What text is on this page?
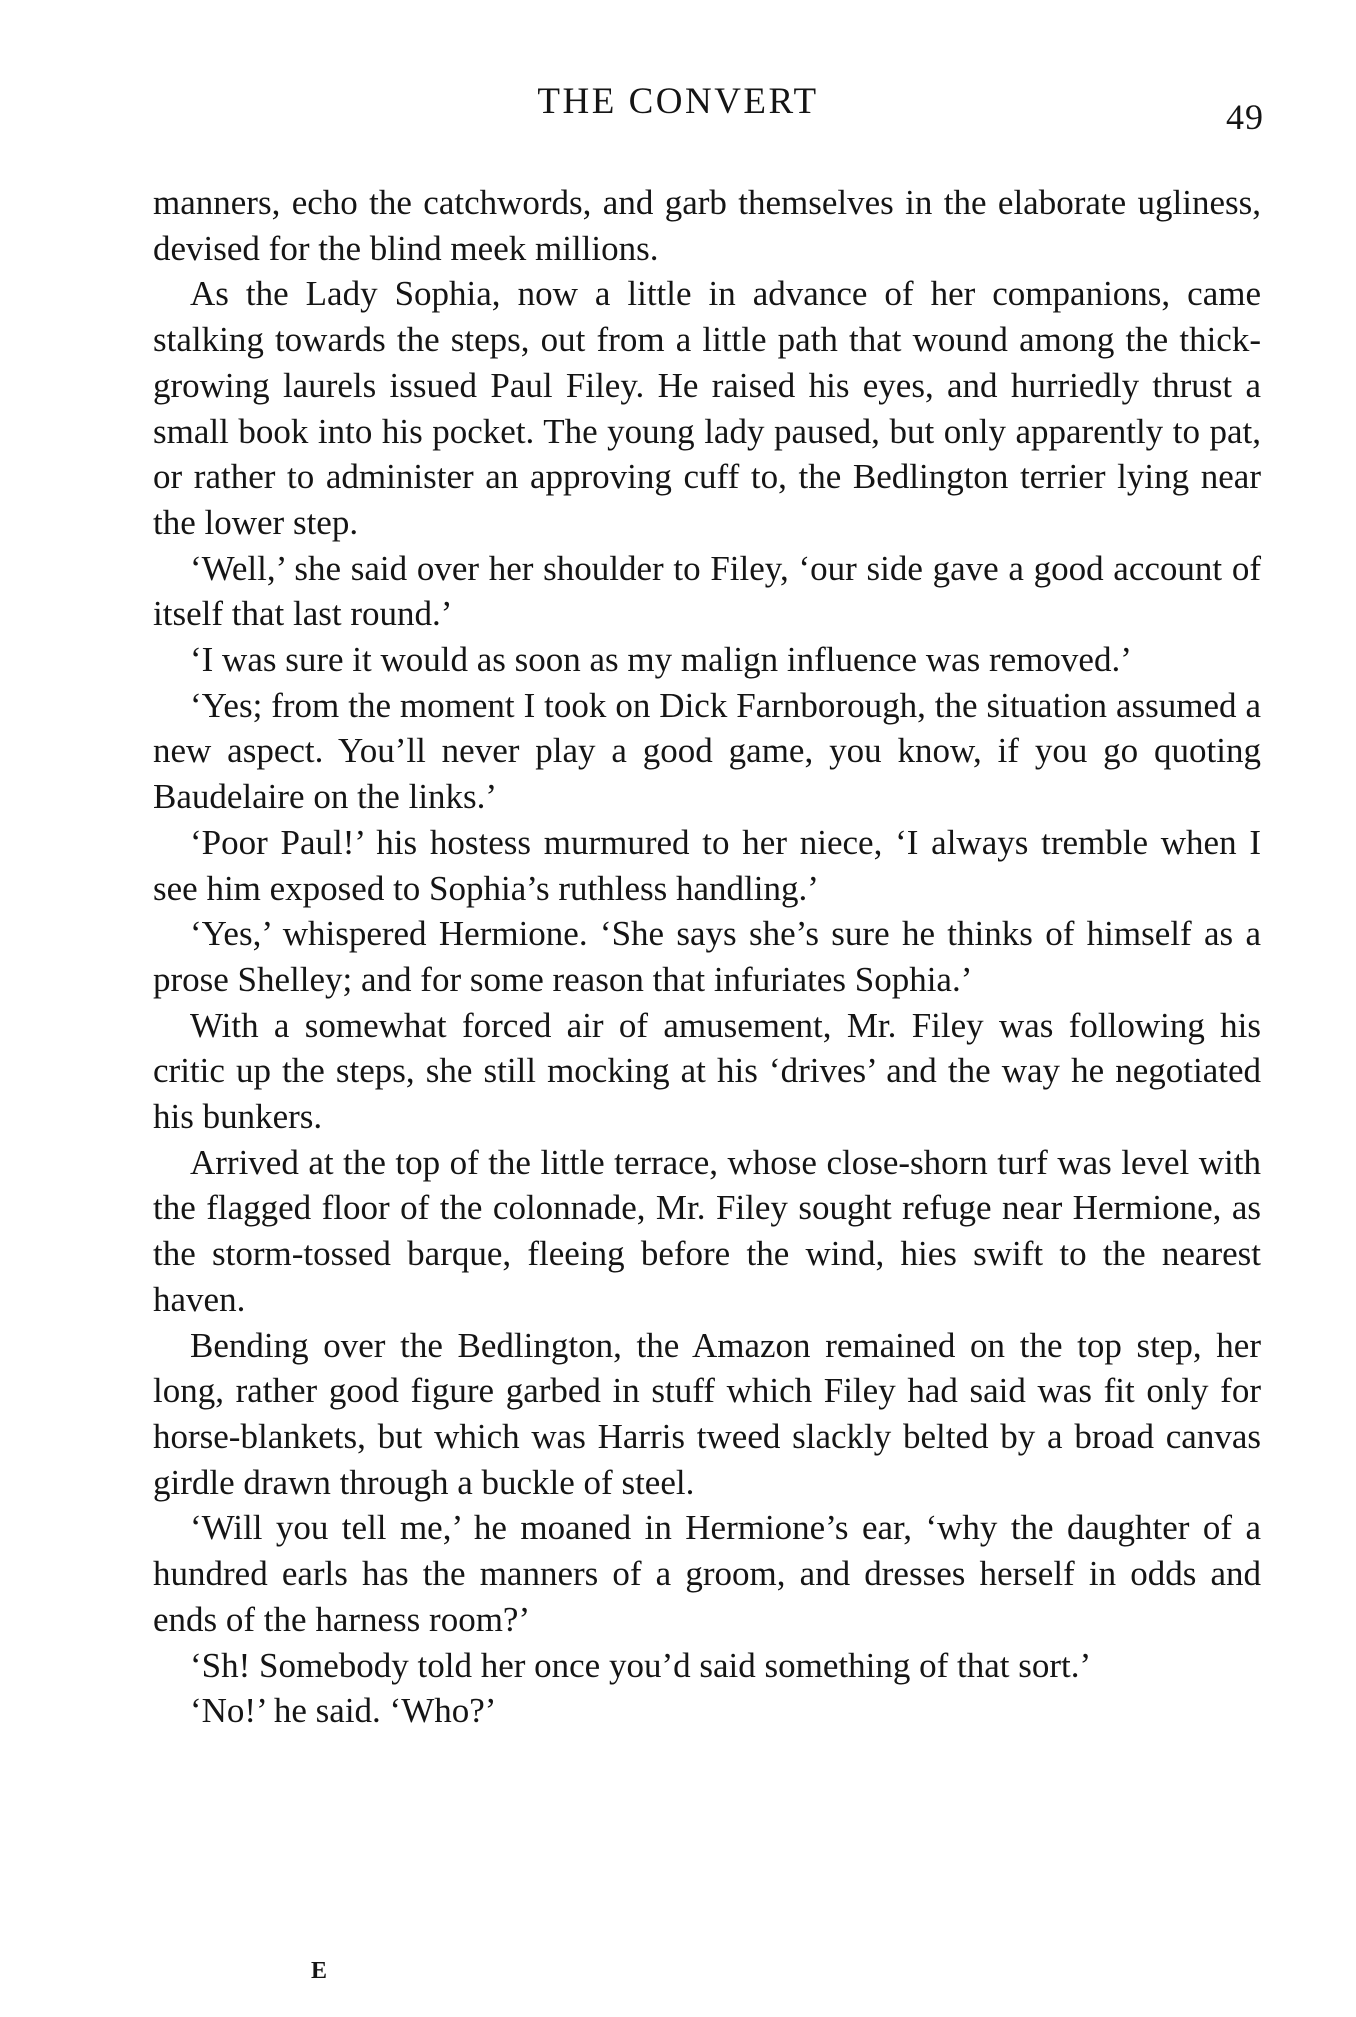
THE CONVERT	49

manners, echo the catchwords, and garb themselves in the elaborate ugliness, devised for the blind meek millions.

As the Lady Sophia, now a little in advance of her companions, came stalking towards the steps, out from a little path that wound among the thick-growing laurels issued Paul Filey. He raised his eyes, and hurriedly thrust a small book into his pocket. The young lady paused, but only apparently to pat, or rather to administer an approving cuff to, the Bedlington terrier lying near the lower step.

‘Well,’ she said over her shoulder to Filey, ‘our side gave a good account of itself that last round.’

‘I was sure it would as soon as my malign influence was removed.’

‘Yes; from the moment I took on Dick Farnborough, the situation assumed a new aspect. You’ll never play a good game, you know, if you go quoting Baudelaire on the links.’

‘Poor Paul!’ his hostess murmured to her niece, ‘I always tremble when I see him exposed to Sophia’s ruthless handling.’

‘Yes,’ whispered Hermione. ‘She says she’s sure he thinks of himself as a prose Shelley; and for some reason that infuriates Sophia.’

With a somewhat forced air of amusement, Mr. Filey was following his critic up the steps, she still mocking at his ‘drives’ and the way he negotiated his bunkers.

Arrived at the top of the little terrace, whose close-shorn turf was level with the flagged floor of the colonnade, Mr. Filey sought refuge near Hermione, as the storm-tossed barque, fleeing before the wind, hies swift to the nearest haven.

Bending over the Bedlington, the Amazon remained on the top step, her long, rather good figure garbed in stuff which Filey had said was fit only for horse-blankets, but which was Harris tweed slackly belted by a broad canvas girdle drawn through a buckle of steel.

‘Will you tell me,’ he moaned in Hermione’s ear, ‘why the daughter of a hundred earls has the manners of a groom, and dresses herself in odds and ends of the harness room?’

‘Sh! Somebody told her once you’d said something of that sort.’

‘No!’ he said. ‘Who?’

E
